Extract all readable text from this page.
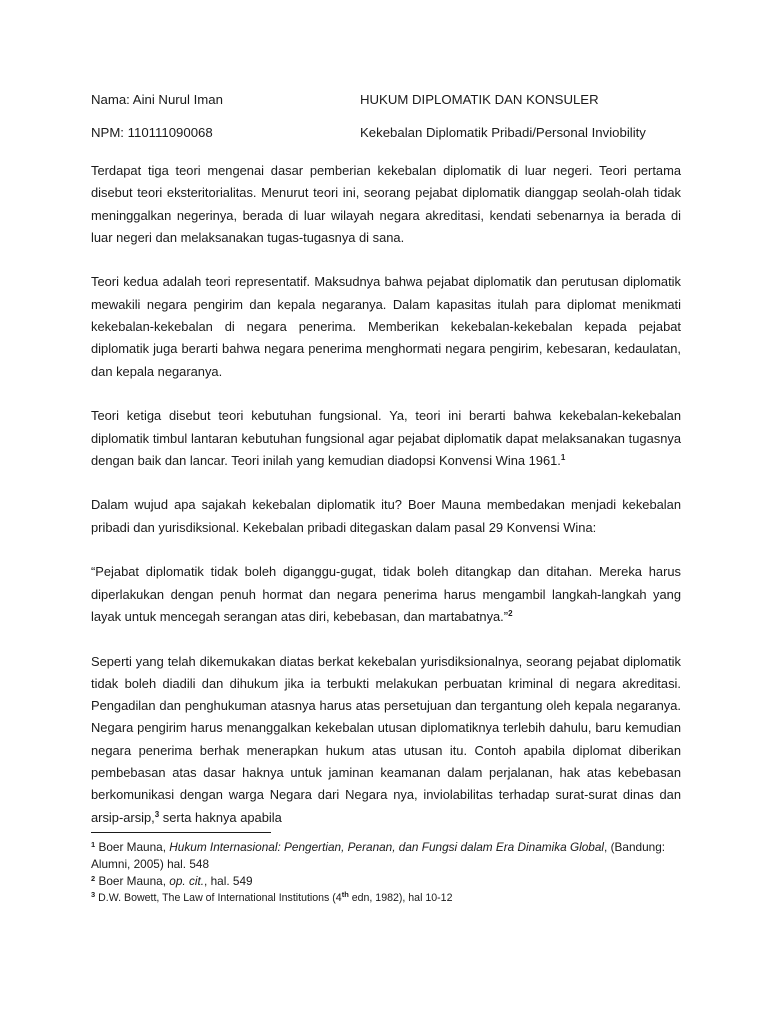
Nama: Aini Nurul Iman	HUKUM DIPLOMATIK DAN KONSULER
NPM: 110111090068	Kekebalan Diplomatik Pribadi/Personal Inviobility

Terdapat tiga teori mengenai dasar pemberian kekebalan diplomatik di luar negeri. Teori pertama disebut teori eksteritorialitas. Menurut teori ini, seorang pejabat diplomatik dianggap seolah-olah tidak meninggalkan negerinya, berada di luar wilayah negara akreditasi, kendati sebenarnya ia berada di luar negeri dan melaksanakan tugas-tugasnya di sana.

Teori kedua adalah teori representatif. Maksudnya bahwa pejabat diplomatik dan perutusan diplomatik mewakili negara pengirim dan kepala negaranya. Dalam kapasitas itulah para diplomat menikmati kekebalan-kekebalan di negara penerima. Memberikan kekebalan-kekebalan kepada pejabat diplomatik juga berarti bahwa negara penerima menghormati negara pengirim, kebesaran, kedaulatan, dan kepala negaranya.

Teori ketiga disebut teori kebutuhan fungsional. Ya, teori ini berarti bahwa kekebalan-kekebalan diplomatik timbul lantaran kebutuhan fungsional agar pejabat diplomatik dapat melaksanakan tugasnya dengan baik dan lancar. Teori inilah yang kemudian diadopsi Konvensi Wina 1961.$^1$

Dalam wujud apa sajakah kekebalan diplomatik itu? Boer Mauna membedakan menjadi kekebalan pribadi dan yurisdiksional. Kekebalan pribadi ditegaskan dalam pasal 29 Konvensi Wina:

“Pejabat diplomatik tidak boleh diganggu-gugat, tidak boleh ditangkap dan ditahan. Mereka harus diperlakukan dengan penuh hormat dan negara penerima harus mengambil langkah-langkah yang layak untuk mencegah serangan atas diri, kebebasan, dan martabatnya.”$^2$

Seperti yang telah dikemukakan diatas berkat kekebalan yurisdiksionalnya, seorang pejabat diplomatik tidak boleh diadili dan dihukum jika ia terbukti melakukan perbuatan kriminal di negara akreditasi. Pengadilan dan penghukuman atasnya harus atas persetujuan dan tergantung oleh kepala negaranya. Negara pengirim harus menanggalkan kekebalan utusan diplomatiknya terlebih dahulu, baru kemudian negara penerima berhak menerapkan hukum atas utusan itu. Contoh apabila diplomat diberikan pembebasan atas dasar haknya untuk jaminan keamanan dalam perjalanan, hak atas kebebasan berkomunikasi dengan warga Negara dari Negara nya, inviolabilitas terhadap surat-surat dinas dan arsip-arsip,$^3$ serta haknya apabila

$^1$ Boer Mauna, Hukum Internasional: Pengertian, Peranan, dan Fungsi dalam Era Dinamika Global, (Bandung: Alumni, 2005) hal. 548

$^2$ Boer Mauna, op. cit., hal. 549

$^3$ D.W. Bowett, The Law of International Institutions (4th edn, 1982), hal 10-12
